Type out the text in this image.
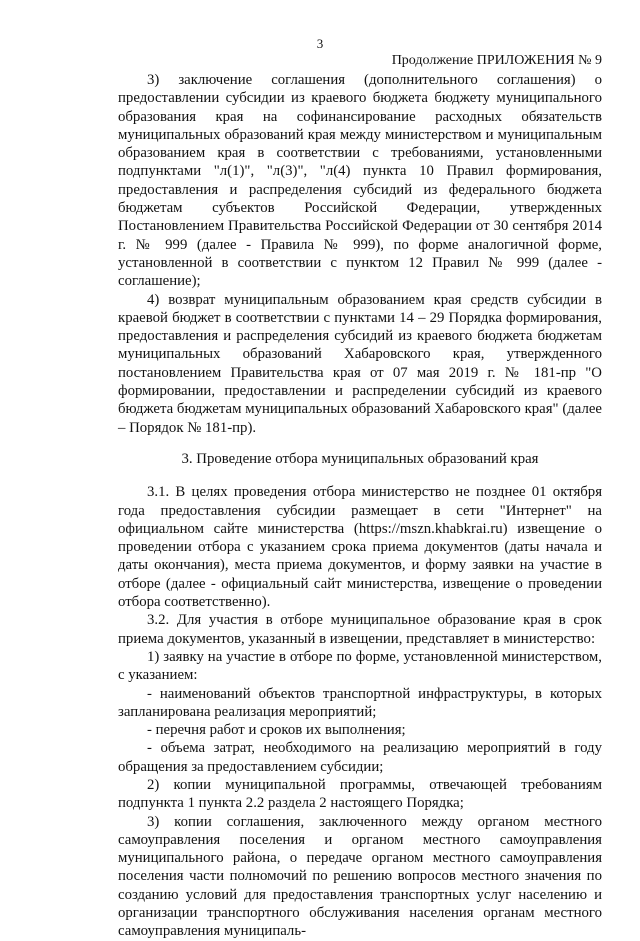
3
Продолжение ПРИЛОЖЕНИЯ № 9

3) заключение соглашения (дополнительного соглашения) о предоставлении субсидии из краевого бюджета бюджету муниципального образования края на софинансирование расходных обязательств муниципальных образований края между министерством и муниципальным образованием края в соответствии с требованиями, установленными подпунктами "л(1)", "л(3)", "л(4) пункта 10 Правил формирования, предоставления и распределения субсидий из федерального бюджета бюджетам субъектов Российской Федерации, утвержденных Постановлением Правительства Российской Федерации от 30 сентября 2014 г. № 999 (далее - Правила № 999), по форме аналогичной форме, установленной в соответствии с пунктом 12 Правил № 999 (далее - соглашение);

4) возврат муниципальным образованием края средств субсидии в краевой бюджет в соответствии с пунктами 14 – 29 Порядка формирования, предоставления и распределения субсидий из краевого бюджета бюджетам муниципальных образований Хабаровского края, утвержденного постановлением Правительства края от 07 мая 2019 г. № 181-пр "О формировании, предоставлении и распределении субсидий из краевого бюджета бюджетам муниципальных образований Хабаровского края" (далее – Порядок № 181-пр).

3. Проведение отбора муниципальных образований края

3.1. В целях проведения отбора министерство не позднее 01 октября года предоставления субсидии размещает в сети "Интернет" на официальном сайте министерства (https://mszn.khabkrai.ru) извещение о проведении отбора с указанием срока приема документов (даты начала и даты окончания), места приема документов, и форму заявки на участие в отборе (далее - официальный сайт министерства, извещение о проведении отбора соответственно).

3.2. Для участия в отборе муниципальное образование края в срок приема документов, указанный в извещении, представляет в министерство:

1) заявку на участие в отборе по форме, установленной министерством, с указанием:

- наименований объектов транспортной инфраструктуры, в которых запланирована реализация мероприятий;

- перечня работ и сроков их выполнения;

- объема затрат, необходимого на реализацию мероприятий в году обращения за предоставлением субсидии;

2) копии муниципальной программы, отвечающей требованиям подпункта 1 пункта 2.2 раздела 2 настоящего Порядка;

3) копии соглашения, заключенного между органом местного самоуправления поселения и органом местного самоуправления муниципального района, о передаче органом местного самоуправления поселения части полномочий по решению вопросов местного значения по созданию условий для предоставления транспортных услуг населению и организации транспортного обслуживания населения органам местного самоуправления муниципаль-
